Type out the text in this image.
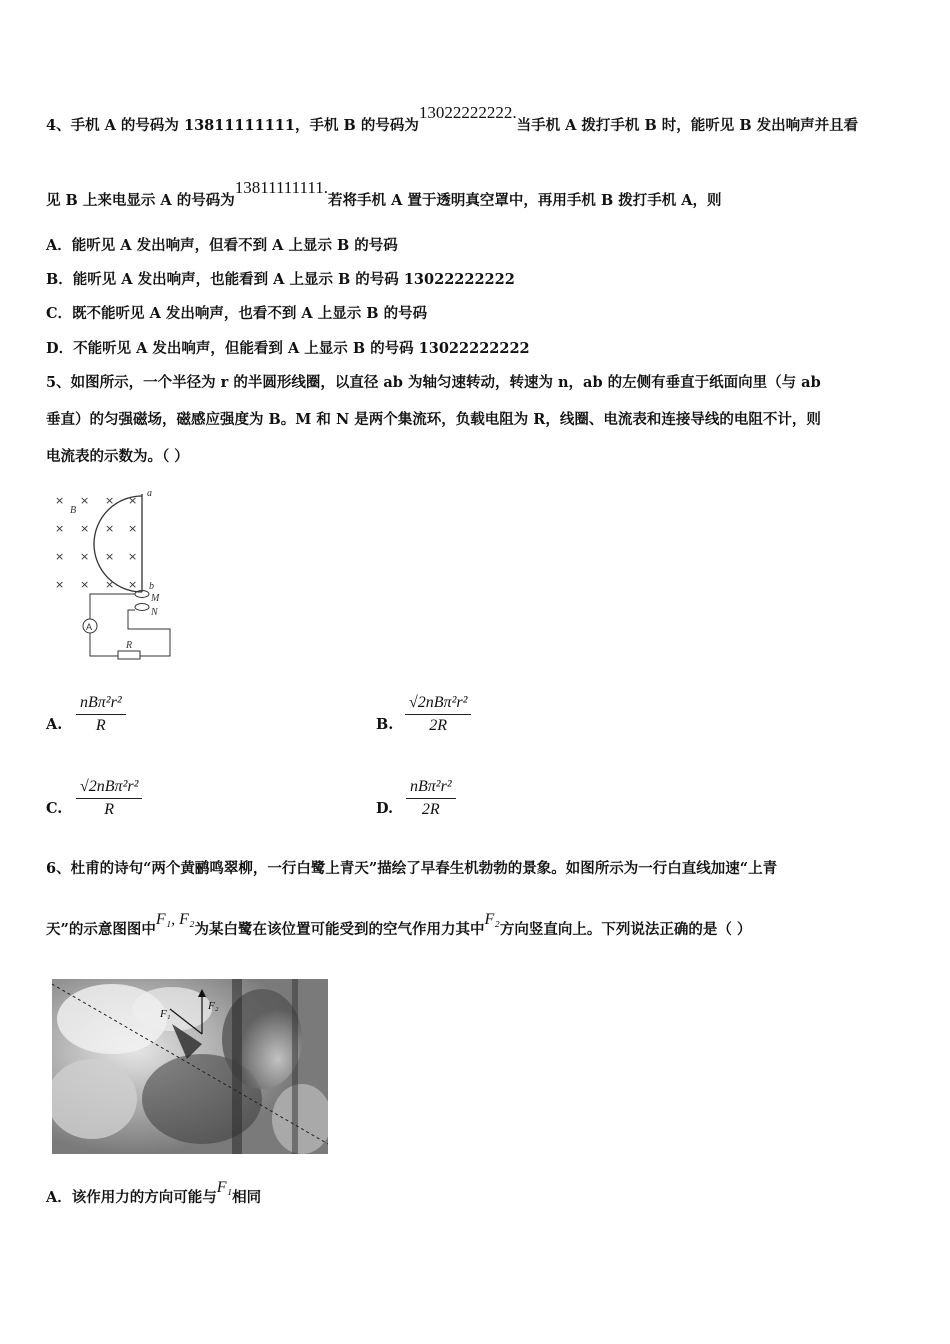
4、手机 A 的号码为 13811111111，手机 B 的号码为13022222222.当手机 A 拨打手机 B 时，能听见 B 发出响声并且看
见 B 上来电显示 A 的号码为13811111111.若将手机 A 置于透明真空罩中，再用手机 B 拨打手机 A，则
A．能听见 A 发出响声，但看不到 A 上显示 B 的号码
B．能听见 A 发出响声，也能看到 A 上显示 B 的号码 13022222222
C．既不能听见 A 发出响声，也看不到 A 上显示 B 的号码
D．不能听见 A 发出响声，但能看到 A 上显示 B 的号码 13022222222
5、如图所示，一个半径为 r 的半圆形线圈，以直径 ab 为轴匀速转动，转速为 n，ab 的左侧有垂直于纸面向里（与 ab
垂直）的匀强磁场，磁感应强度为 B。M 和 N 是两个集流环，负载电阻为 R，线圈、电流表和连接导线的电阻不计，则
电流表的示数为。（ ）
× × × ×
× × × ×
× × × ×
× × × ×
B
a
b
M
N
A
R
A.
nBπ²r²
R	B.
√2nBπ²r²
2R
C.
√2nBπ²r²
R	D.
nBπ²r²
2R
6、杜甫的诗句“两个黄鹂鸣翠柳，一行白鹭上青天”描绘了早春生机勃勃的景象。如图所示为一行白直线加速“上青
天”的示意图图中F₁, F₂为某白鹭在该位置可能受到的空气作用力其中F₂方向竖直向上。下列说法正确的是（ ）
F₁
F₂
A．该作用力的方向可能与F₁相同
